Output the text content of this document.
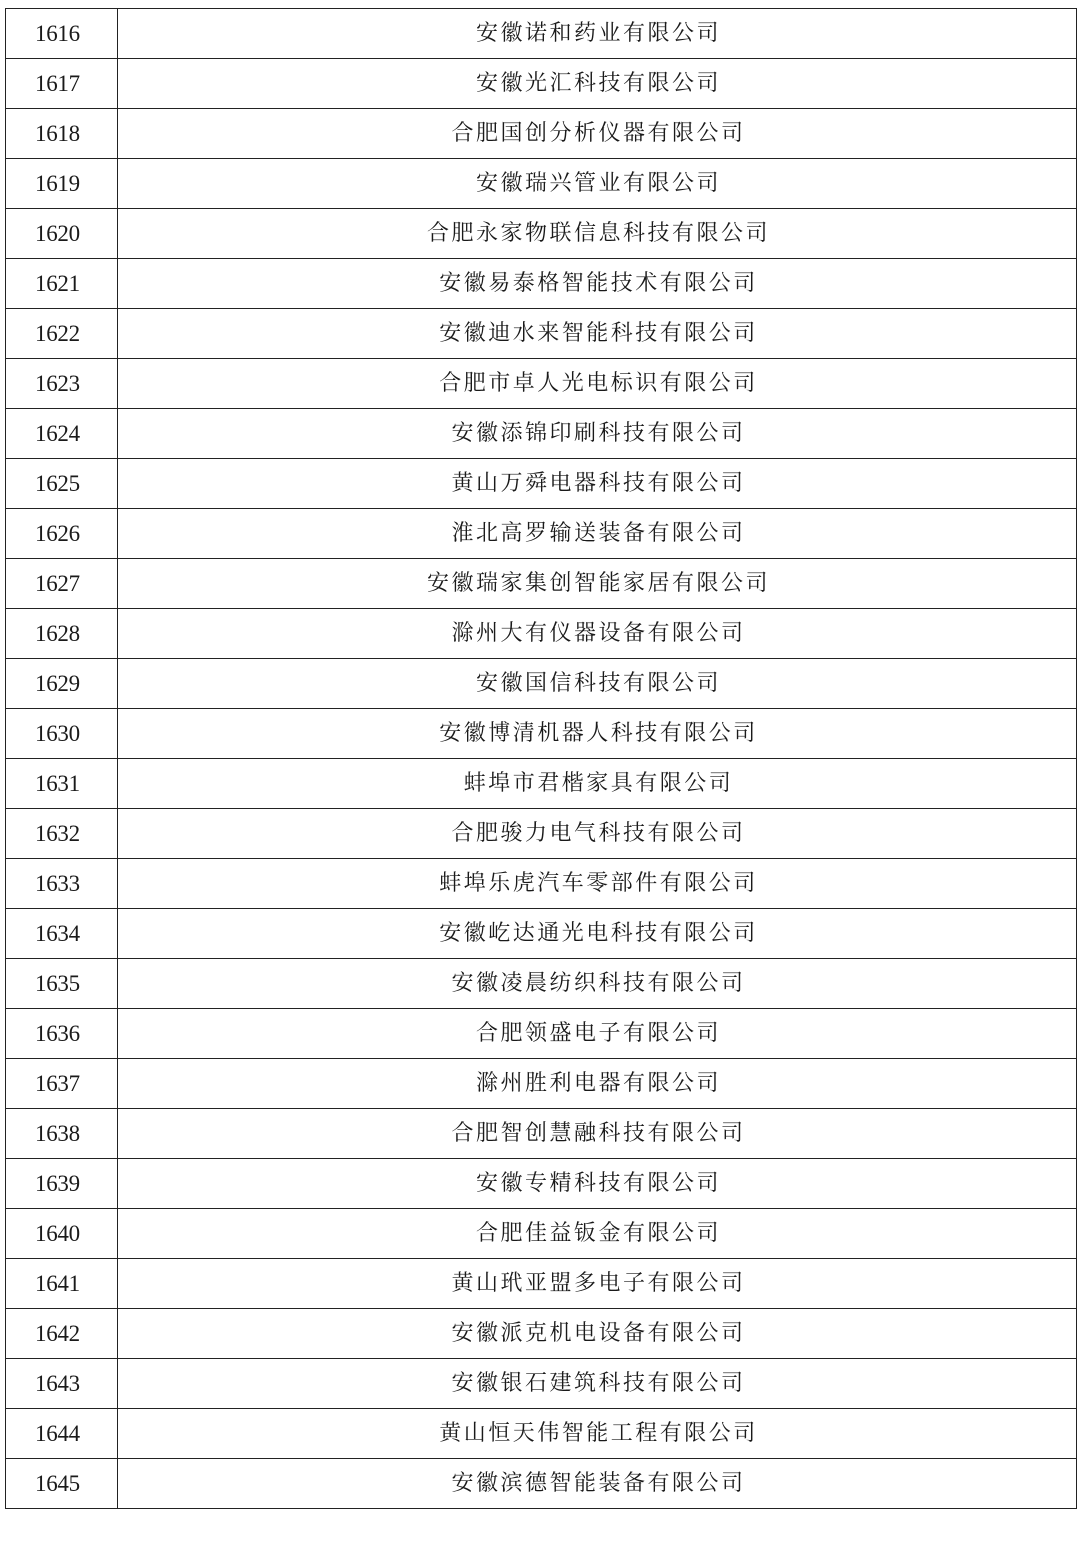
1616	安徽诺和药业有限公司
1617	安徽光汇科技有限公司
1618	合肥国创分析仪器有限公司
1619	安徽瑞兴管业有限公司
1620	合肥永家物联信息科技有限公司
1621	安徽易泰格智能技术有限公司
1622	安徽迪水来智能科技有限公司
1623	合肥市卓人光电标识有限公司
1624	安徽添锦印刷科技有限公司
1625	黄山万舜电器科技有限公司
1626	淮北高罗输送装备有限公司
1627	安徽瑞家集创智能家居有限公司
1628	滁州大有仪器设备有限公司
1629	安徽国信科技有限公司
1630	安徽博清机器人科技有限公司
1631	蚌埠市君楷家具有限公司
1632	合肥骏力电气科技有限公司
1633	蚌埠乐虎汽车零部件有限公司
1634	安徽屹达通光电科技有限公司
1635	安徽凌晨纺织科技有限公司
1636	合肥领盛电子有限公司
1637	滁州胜利电器有限公司
1638	合肥智创慧融科技有限公司
1639	安徽专精科技有限公司
1640	合肥佳益钣金有限公司
1641	黄山玳亚盟多电子有限公司
1642	安徽派克机电设备有限公司
1643	安徽银石建筑科技有限公司
1644	黄山恒天伟智能工程有限公司
1645	安徽滨德智能装备有限公司
